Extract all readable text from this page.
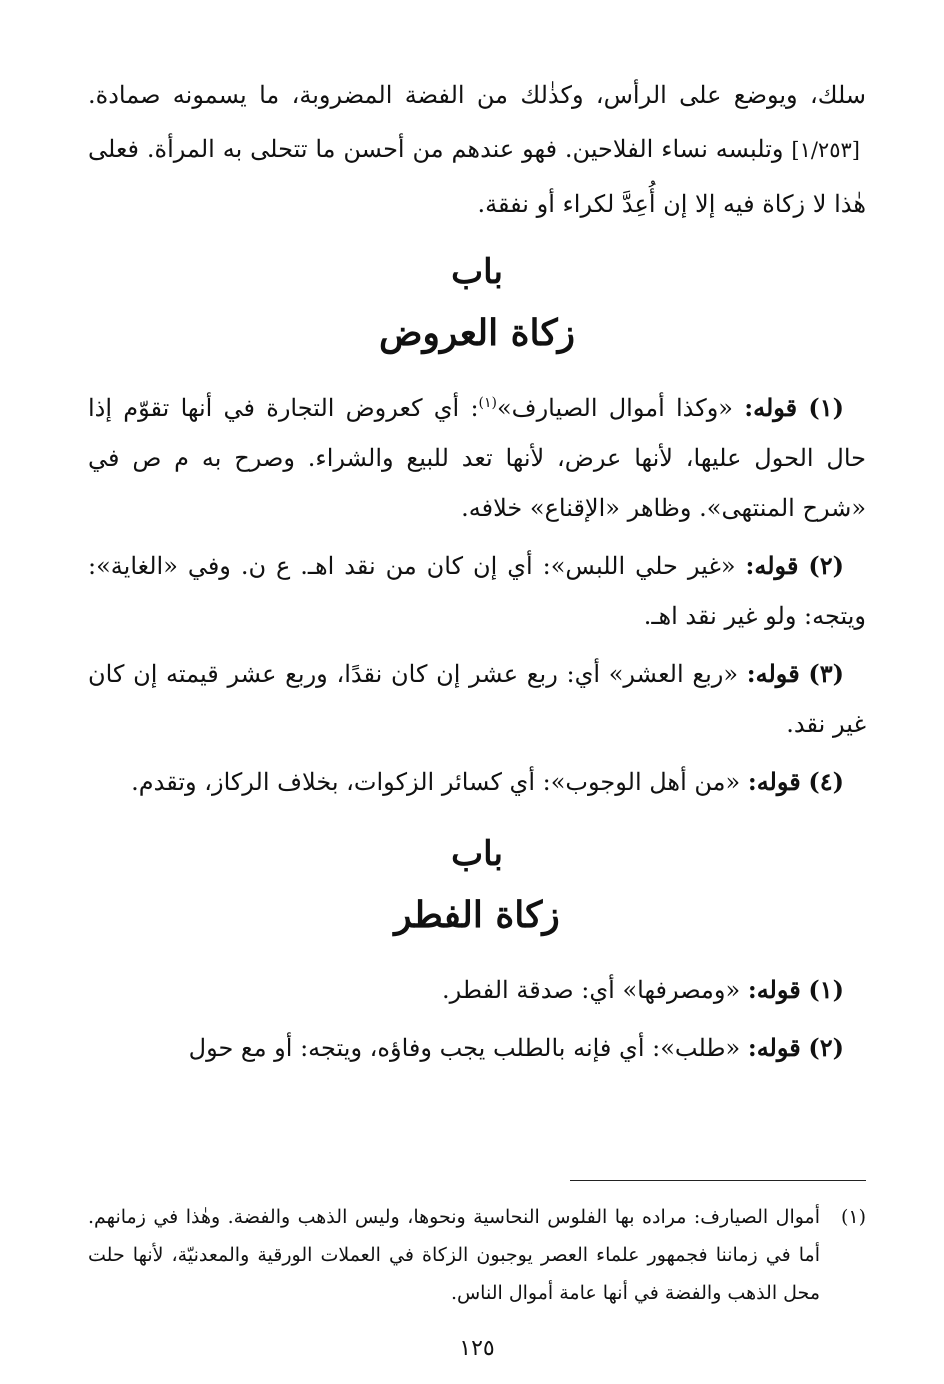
سلك، ويوضع على الرأس، وكذٰلك من الفضة المضروبة، ما يسمونه صمادة.[١/٢٥٣] وتلبسه نساء الفلاحين. فهو عندهم من أحسن ما تتحلى به المرأة. فعلى هٰذا لا زكاة فيه إلا إن أُعِدَّ لكراء أو نفقة.

باب
زكاة العروض

(١) قوله: «وكذا أموال الصيارف»$^{(١)}$: أي كعروض التجارة في أنها تقوّم إذا حال الحول عليها، لأنها عرض، لأنها تعد للبيع والشراء. وصرح به م ص في «شرح المنتهى». وظاهر «الإقناع» خلافه.

(٢) قوله: «غير حلي اللبس»: أي إن كان من نقد اهـ. ع ن. وفي «الغاية»: ويتجه: ولو غير نقد اهـ.

(٣) قوله: «ربع العشر» أي: ربع عشر إن كان نقدًا، وربع عشر قيمته إن كان غير نقد.

(٤) قوله: «من أهل الوجوب»: أي كسائر الزكوات، بخلاف الركاز، وتقدم.

باب
زكاة الفطر

(١) قوله: «ومصرفها» أي: صدقة الفطر.

(٢) قوله: «طلب»: أي فإنه بالطلب يجب وفاؤه، ويتجه: أو مع حول

(١)
أموال الصيارف: مراده بها الفلوس النحاسية ونحوها، وليس الذهب والفضة. وهٰذا في زمانهم. أما في زماننا فجمهور علماء العصر يوجبون الزكاة في العملات الورقية والمعدنيّة، لأنها حلت محل الذهب والفضة في أنها عامة أموال الناس.
١٢٥
